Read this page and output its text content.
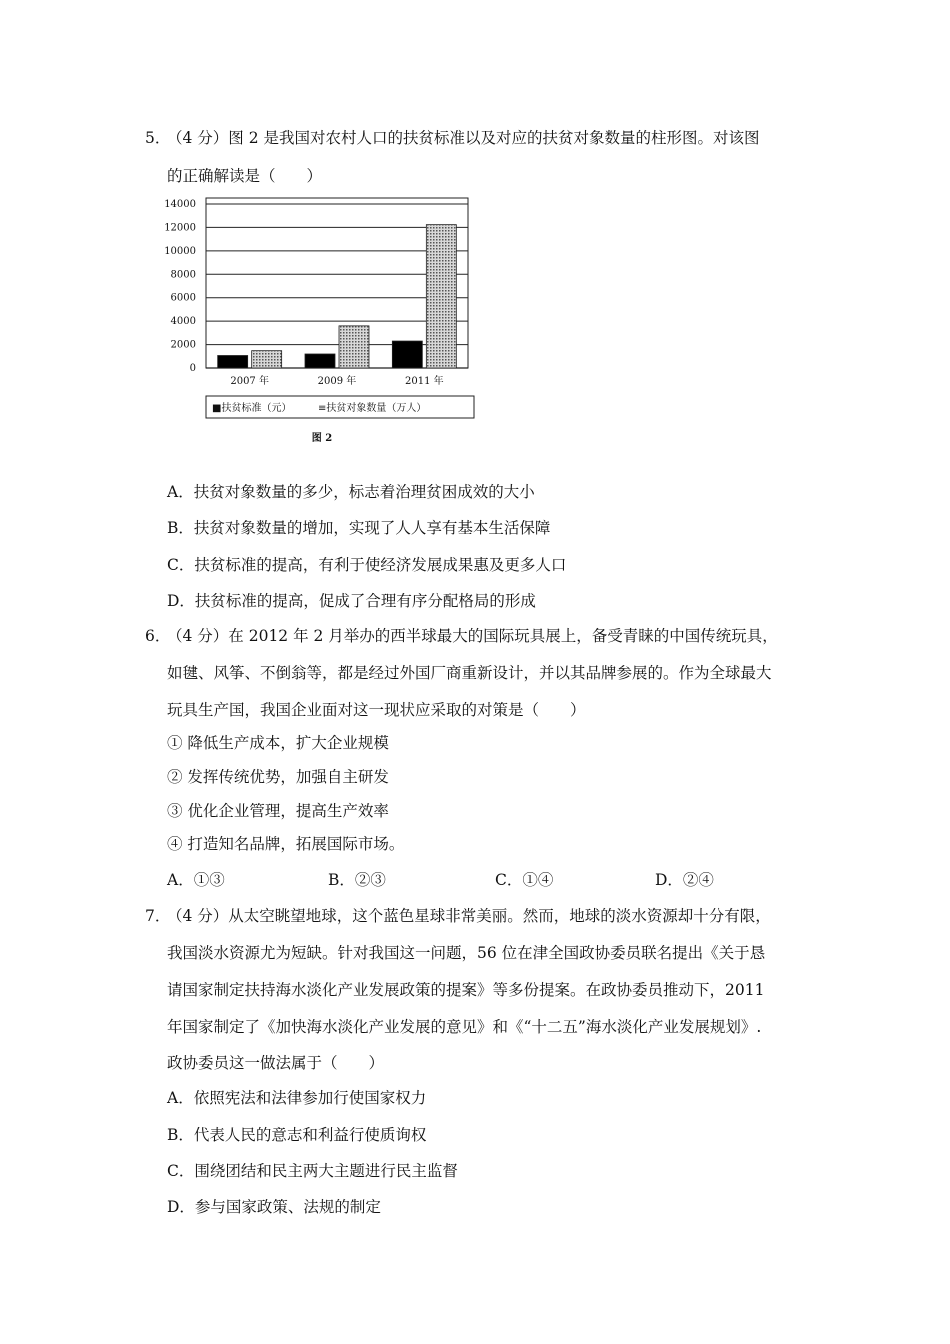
5．
（4 分）图 2 是我国对农村人口的扶贫标准以及对应的扶贫对象数量的柱形图。对该图
的正确解读是（　　）
0
2000
4000
6000
8000
10000
12000
14000
2007 年	2009 年	2011 年
■扶贫标准（元）	≡扶贫对象数量（万人）
图 2
A．扶贫对象数量的多少，标志着治理贫困成效的大小
B．扶贫对象数量的增加，实现了人人享有基本生活保障
C．扶贫标准的提高，有利于使经济发展成果惠及更多人口
D．扶贫标准的提高，促成了合理有序分配格局的形成
6．
（4 分）在 2012 年 2 月举办的西半球最大的国际玩具展上，备受青睐的中国传统玩具，
如毽、风筝、不倒翁等，都是经过外国厂商重新设计，并以其品牌参展的。作为全球最大
玩具生产国，我国企业面对这一现状应采取的对策是（　　）
① 降低生产成本，扩大企业规模
② 发挥传统优势，加强自主研发
③ 优化企业管理，提高生产效率
④ 打造知名品牌，拓展国际市场。
A．①③	B．②③	C．①④	D．②④
7．
（4 分）从太空眺望地球，这个蓝色星球非常美丽。然而，地球的淡水资源却十分有限，
我国淡水资源尤为短缺。针对我国这一问题，56 位在津全国政协委员联名提出《关于恳
请国家制定扶持海水淡化产业发展政策的提案》等多份提案。在政协委员推动下，2011
年国家制定了《加快海水淡化产业发展的意见》和《“十二五”海水淡化产业发展规划》.
政协委员这一做法属于（　　）
A．依照宪法和法律参加行使国家权力
B．代表人民的意志和利益行使质询权
C．围绕团结和民主两大主题进行民主监督
D．参与国家政策、法规的制定
